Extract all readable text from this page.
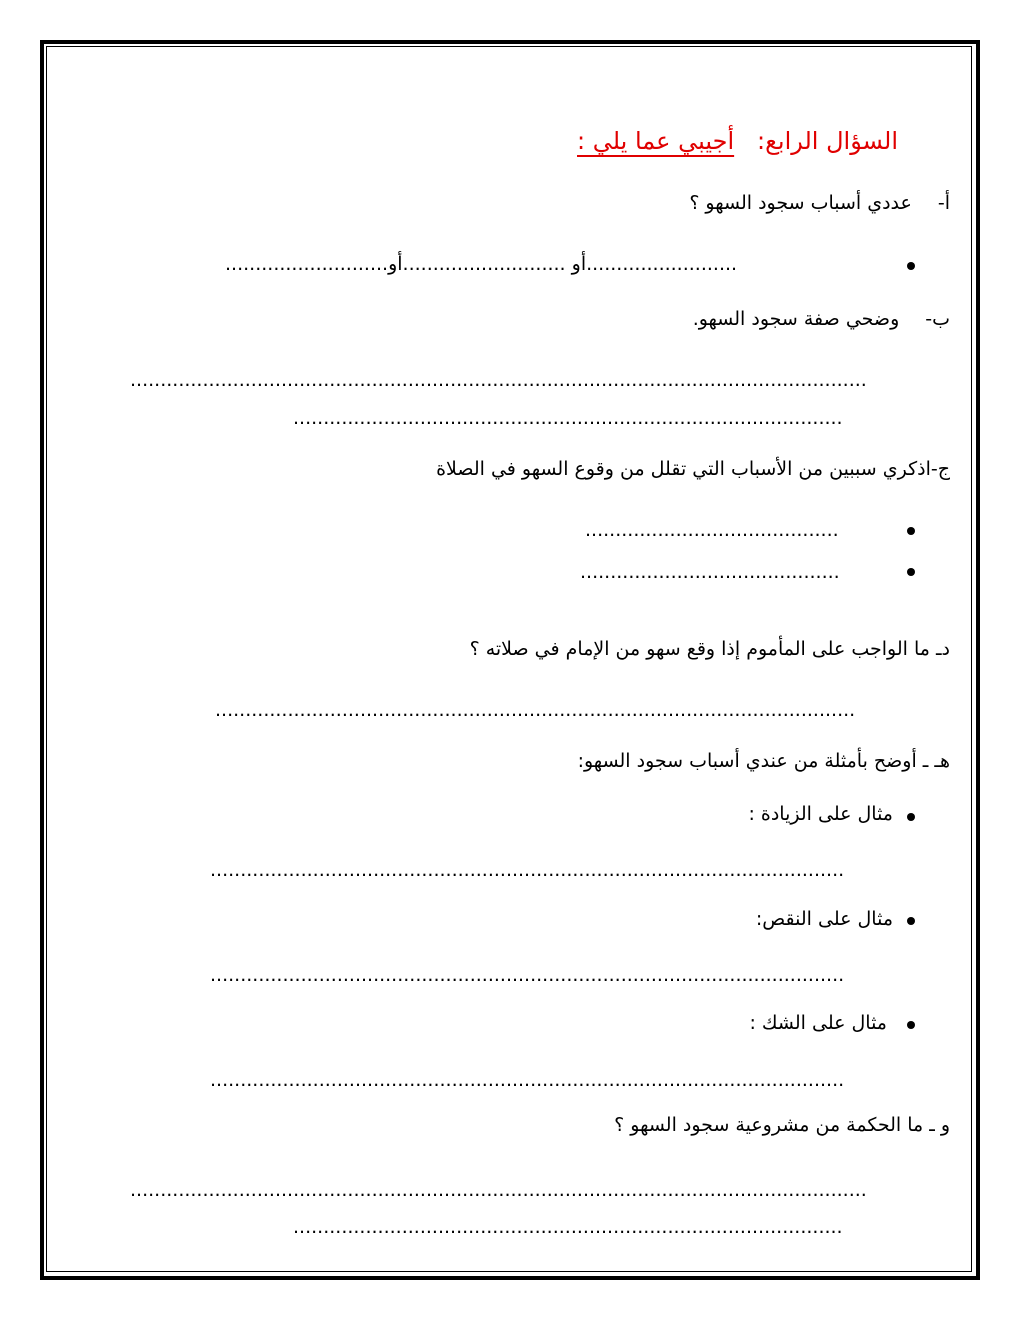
السؤال الرابع:   أجيبي عما يلي :
أ-عددي أسباب سجود السهو ؟
...........................أو ...........................أو.........................
ب-وضحي صفة سجود السهو.
..........................................................................................................................
...........................................................................................
ج-اذكري سببين من الأسباب التي تقلل من وقوع السهو في الصلاة
..........................................
...........................................
دـ ما الواجب على المأموم إذا وقع سهو من الإمام في صلاته ؟
..........................................................................................................
هـ ـ أوضح بأمثلة من عندي أسباب سجود السهو:
مثال على الزيادة :
.........................................................................................................
مثال على النقص:
.........................................................................................................
مثال على الشك :
.........................................................................................................
و ـ ما الحكمة من مشروعية سجود السهو ؟
..........................................................................................................................
...........................................................................................
